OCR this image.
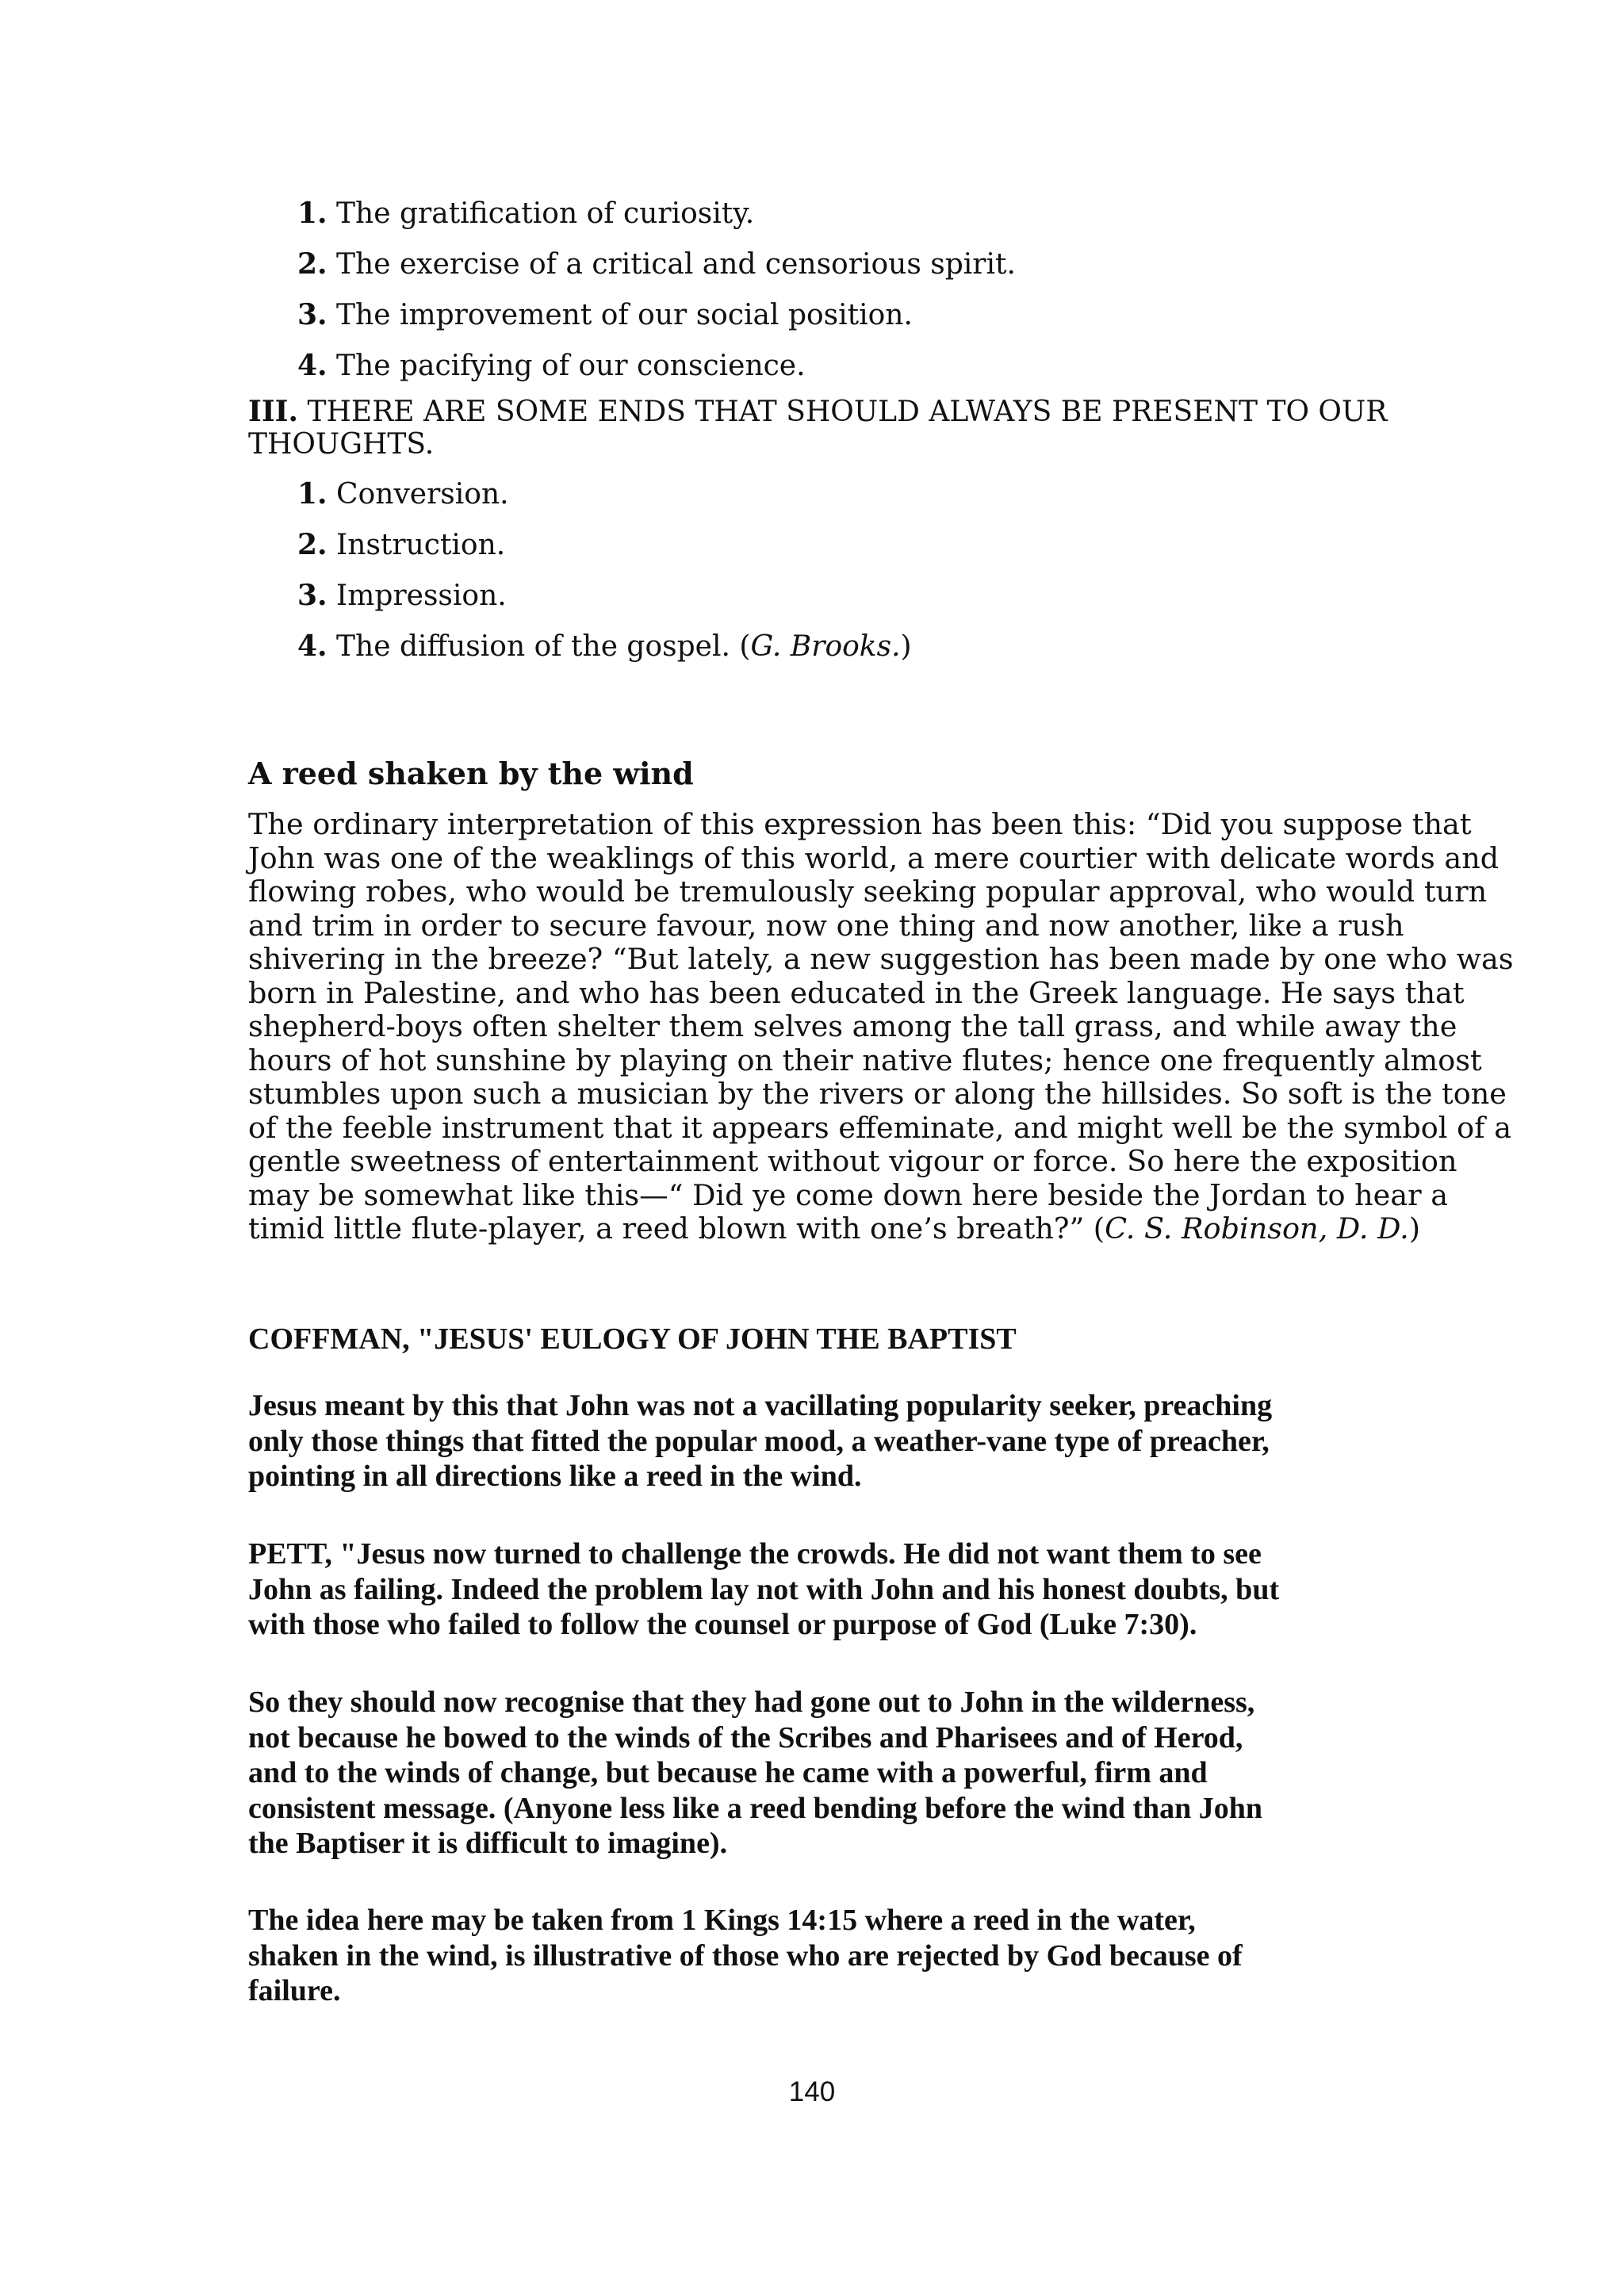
1. The gratification of curiosity.
2. The exercise of a critical and censorious spirit.
3. The improvement of our social position.
4. The pacifying of our conscience.
III. THERE ARE SOME ENDS THAT SHOULD ALWAYS BE PRESENT TO OUR THOUGHTS.
1. Conversion.
2. Instruction.
3. Impression.
4. The diffusion of the gospel. (G. Brooks.)
A reed shaken by the wind

The ordinary interpretation of this expression has been this: “Did you suppose that
John was one of the weaklings of this world, a mere courtier with delicate words and
flowing robes, who would be tremulously seeking popular approval, who would turn
and trim in order to secure favour, now one thing and now another, like a rush
shivering in the breeze? “But lately, a new suggestion has been made by one who was
born in Palestine, and who has been educated in the Greek language. He says that
shepherd-boys often shelter them selves among the tall grass, and while away the
hours of hot sunshine by playing on their native flutes; hence one frequently almost
stumbles upon such a musician by the rivers or along the hillsides. So soft is the tone
of the feeble instrument that it appears effeminate, and might well be the symbol of a
gentle sweetness of entertainment without vigour or force. So here the exposition
may be somewhat like this—“ Did ye come down here beside the Jordan to hear a
timid little flute-player, a reed blown with one’s breath?” (C. S. Robinson, D. D.)

COFFMAN, "JESUS' EULOGY OF JOHN THE BAPTIST

Jesus meant by this that John was not a vacillating popularity seeker, preaching
only those things that fitted the popular mood, a weather-vane type of preacher,
pointing in all directions like a reed in the wind.

PETT, "Jesus now turned to challenge the crowds. He did not want them to see
John as failing. Indeed the problem lay not with John and his honest doubts, but
with those who failed to follow the counsel or purpose of God (Luke 7:30).

So they should now recognise that they had gone out to John in the wilderness,
not because he bowed to the winds of the Scribes and Pharisees and of Herod,
and to the winds of change, but because he came with a powerful, firm and
consistent message. (Anyone less like a reed bending before the wind than John
the Baptiser it is difficult to imagine).

The idea here may be taken from 1 Kings 14:15 where a reed in the water,
shaken in the wind, is illustrative of those who are rejected by God because of
failure.

140
